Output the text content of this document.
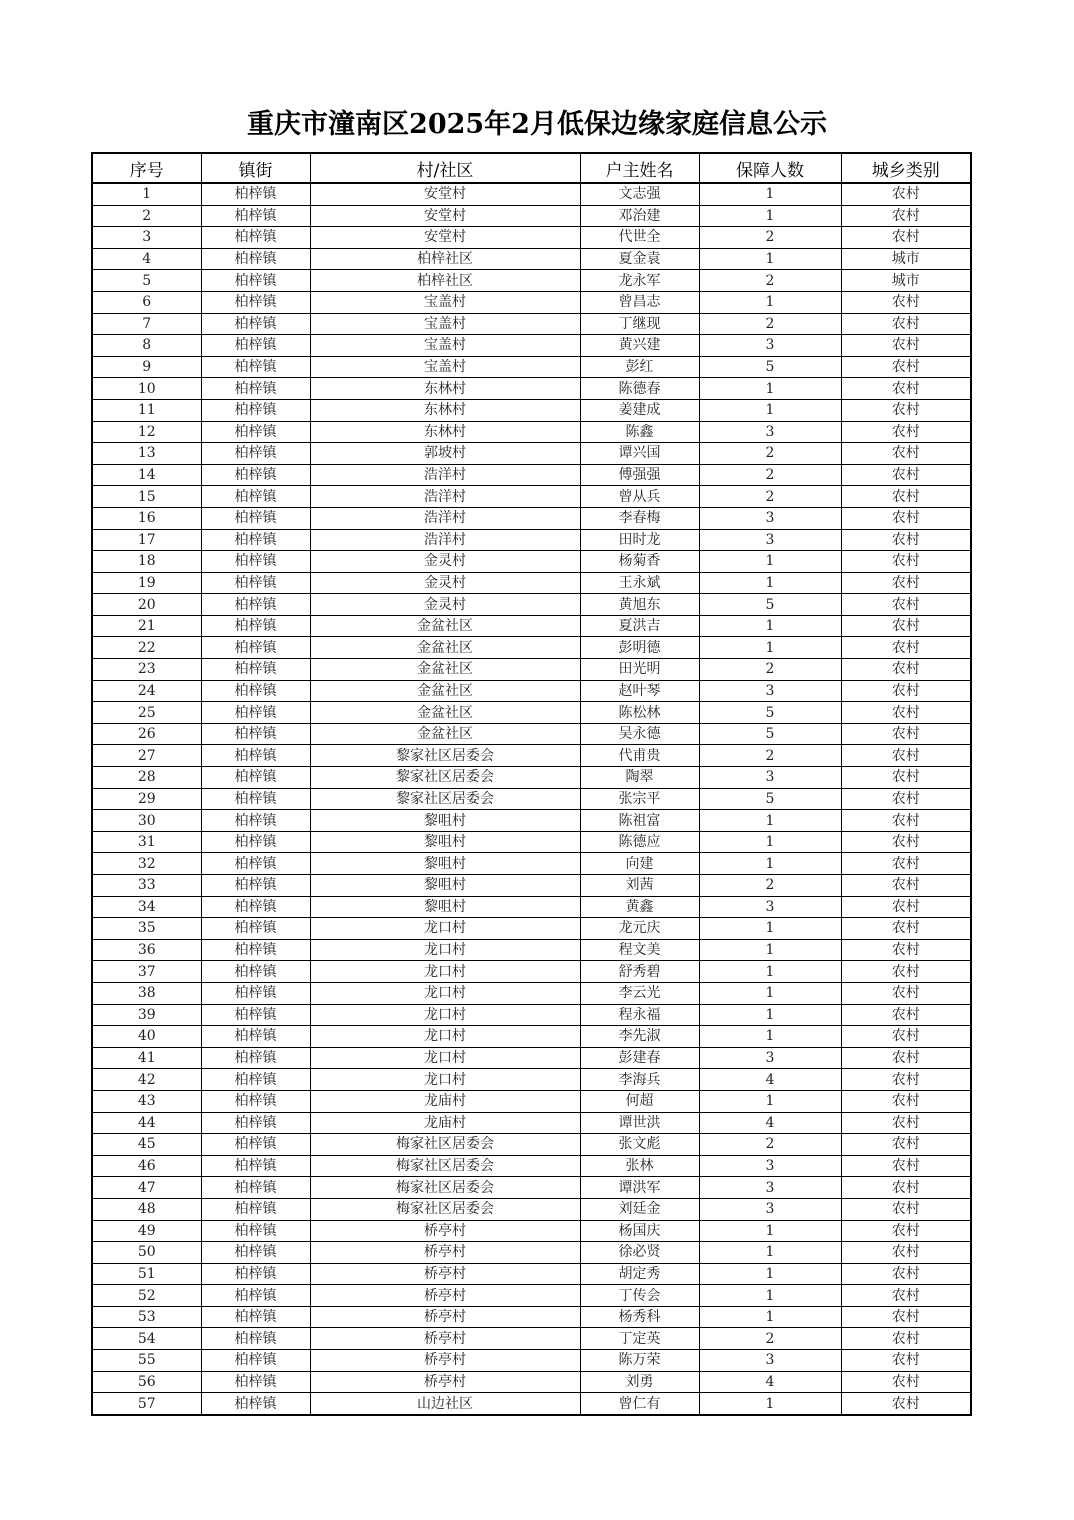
重庆市潼南区2025年2月低保边缘家庭信息公示
序号	镇街	村/社区	户主姓名	保障人数	城乡类别
1	柏梓镇	安堂村	文志强	1	农村
2	柏梓镇	安堂村	邓治建	1	农村
3	柏梓镇	安堂村	代世全	2	农村
4	柏梓镇	柏梓社区	夏金袁	1	城市
5	柏梓镇	柏梓社区	龙永军	2	城市
6	柏梓镇	宝盖村	曾昌志	1	农村
7	柏梓镇	宝盖村	丁继现	2	农村
8	柏梓镇	宝盖村	黄兴建	3	农村
9	柏梓镇	宝盖村	彭红	5	农村
10	柏梓镇	东林村	陈德春	1	农村
11	柏梓镇	东林村	姜建成	1	农村
12	柏梓镇	东林村	陈鑫	3	农村
13	柏梓镇	郭坡村	谭兴国	2	农村
14	柏梓镇	浩洋村	傅强强	2	农村
15	柏梓镇	浩洋村	曾从兵	2	农村
16	柏梓镇	浩洋村	李春梅	3	农村
17	柏梓镇	浩洋村	田时龙	3	农村
18	柏梓镇	金灵村	杨菊香	1	农村
19	柏梓镇	金灵村	王永斌	1	农村
20	柏梓镇	金灵村	黄旭东	5	农村
21	柏梓镇	金盆社区	夏洪吉	1	农村
22	柏梓镇	金盆社区	彭明德	1	农村
23	柏梓镇	金盆社区	田光明	2	农村
24	柏梓镇	金盆社区	赵叶琴	3	农村
25	柏梓镇	金盆社区	陈松林	5	农村
26	柏梓镇	金盆社区	吴永德	5	农村
27	柏梓镇	黎家社区居委会	代甫贵	2	农村
28	柏梓镇	黎家社区居委会	陶翠	3	农村
29	柏梓镇	黎家社区居委会	张宗平	5	农村
30	柏梓镇	黎咀村	陈祖富	1	农村
31	柏梓镇	黎咀村	陈德应	1	农村
32	柏梓镇	黎咀村	向建	1	农村
33	柏梓镇	黎咀村	刘茜	2	农村
34	柏梓镇	黎咀村	黄鑫	3	农村
35	柏梓镇	龙口村	龙元庆	1	农村
36	柏梓镇	龙口村	程文美	1	农村
37	柏梓镇	龙口村	舒秀碧	1	农村
38	柏梓镇	龙口村	李云光	1	农村
39	柏梓镇	龙口村	程永福	1	农村
40	柏梓镇	龙口村	李先淑	1	农村
41	柏梓镇	龙口村	彭建春	3	农村
42	柏梓镇	龙口村	李海兵	4	农村
43	柏梓镇	龙庙村	何超	1	农村
44	柏梓镇	龙庙村	谭世洪	4	农村
45	柏梓镇	梅家社区居委会	张文彪	2	农村
46	柏梓镇	梅家社区居委会	张林	3	农村
47	柏梓镇	梅家社区居委会	谭洪军	3	农村
48	柏梓镇	梅家社区居委会	刘廷金	3	农村
49	柏梓镇	桥亭村	杨国庆	1	农村
50	柏梓镇	桥亭村	徐必贤	1	农村
51	柏梓镇	桥亭村	胡定秀	1	农村
52	柏梓镇	桥亭村	丁传会	1	农村
53	柏梓镇	桥亭村	杨秀科	1	农村
54	柏梓镇	桥亭村	丁定英	2	农村
55	柏梓镇	桥亭村	陈万荣	3	农村
56	柏梓镇	桥亭村	刘勇	4	农村
57	柏梓镇	山边社区	曾仁有	1	农村
